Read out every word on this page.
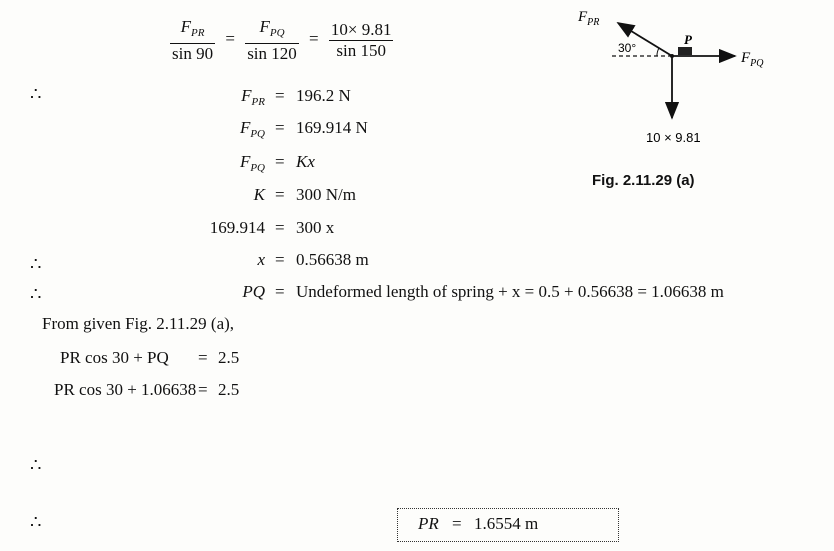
$F_{PR}$
30°
P
$F_{PQ}$
10 × 9.81
Fig. 2.11.29 (a)
$\frac{F_{PR}}{\sin 90} = \frac{F_{PQ}}{\sin 120} = \frac{10\times 9.81}{\sin 150}$
∴
∴
∴
∴
∴
$F_{PR} = 196.2$ N
$F_{PQ} = 169.914$ N
$F_{PQ} = Kx$
K = 300 N/m
169.914 = 300 x
x = 0.56638 m
PQ = Undeformed length of spring + x = 0.5 + 0.56638 = 1.06638 m
From given Fig. 2.11.29 (a),
PR cos 30 + PQ = 2.5
PR cos 30 + 1.06638 = 2.5
PR = 1.6554 m
